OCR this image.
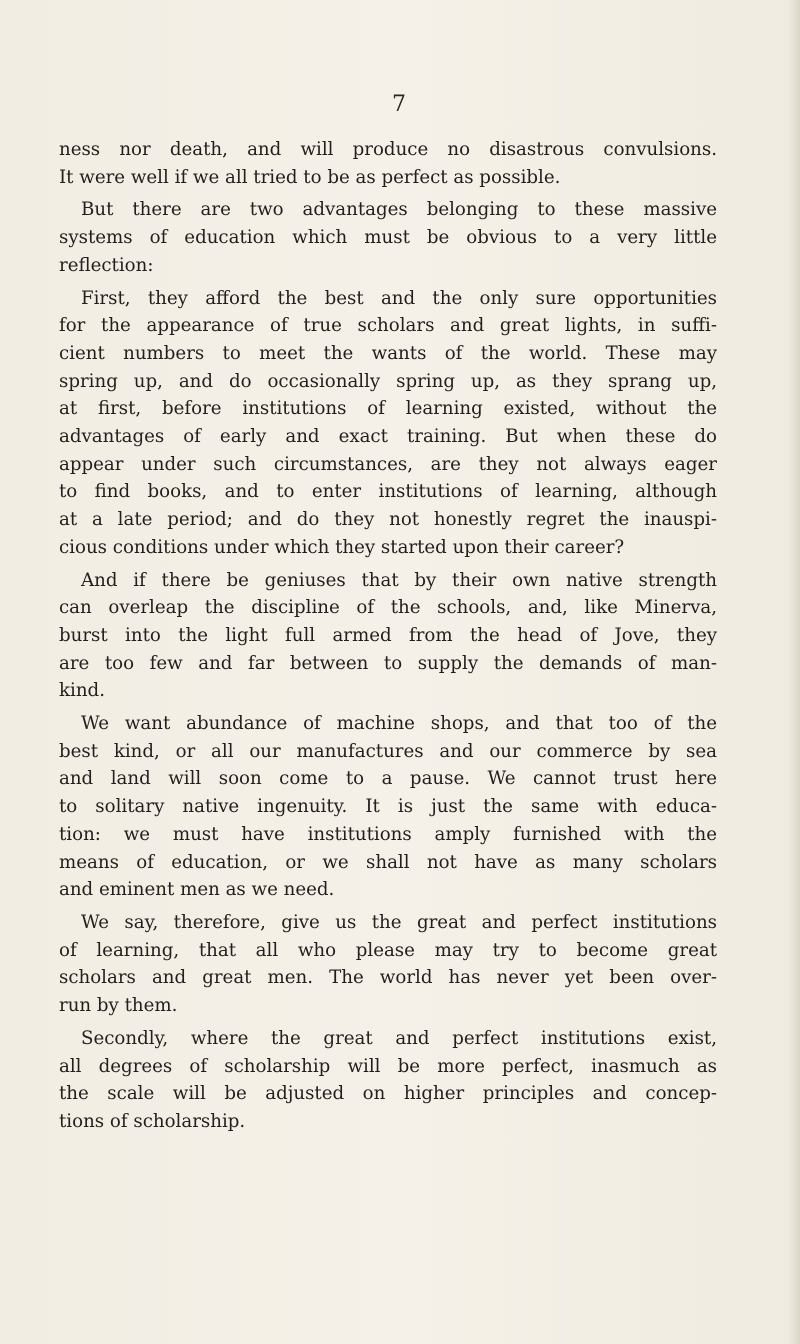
7
ness nor death, and will produce no disastrous convulsions.
It were well if we all tried to be as perfect as possible.
But there are two advantages belonging to these massive
systems of education which must be obvious to a very little
reflection:
First, they afford the best and the only sure opportunities
for the appearance of true scholars and great lights, in suffi-
cient numbers to meet the wants of the world. These may
spring up, and do occasionally spring up, as they sprang up,
at first, before institutions of learning existed, without the
advantages of early and exact training. But when these do
appear under such circumstances, are they not always eager
to find books, and to enter institutions of learning, although
at a late period; and do they not honestly regret the inauspi-
cious conditions under which they started upon their career?
And if there be geniuses that by their own native strength
can overleap the discipline of the schools, and, like Minerva,
burst into the light full armed from the head of Jove, they
are too few and far between to supply the demands of man-
kind.
We want abundance of machine shops, and that too of the
best kind, or all our manufactures and our commerce by sea
and land will soon come to a pause. We cannot trust here
to solitary native ingenuity. It is just the same with educa-
tion: we must have institutions amply furnished with the
means of education, or we shall not have as many scholars
and eminent men as we need.
We say, therefore, give us the great and perfect institutions
of learning, that all who please may try to become great
scholars and great men. The world has never yet been over-
run by them.
Secondly, where the great and perfect institutions exist,
all degrees of scholarship will be more perfect, inasmuch as
the scale will be adjusted on higher principles and concep-
tions of scholarship.
